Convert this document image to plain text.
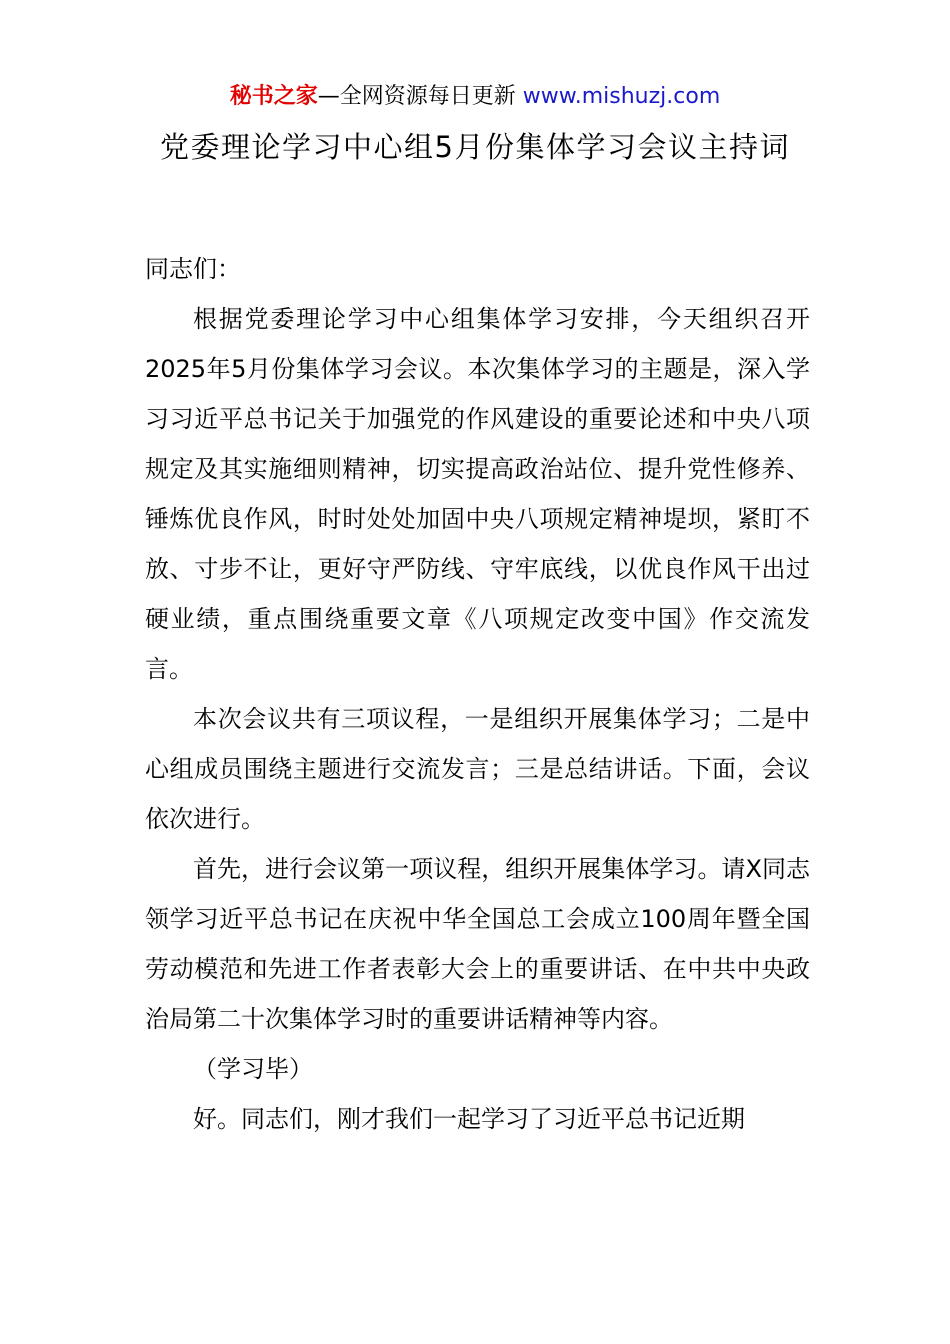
秘书之家—全网资源每日更新 www.mishuzj.com
党委理论学习中心组5月份集体学习会议主持词

同志们：

根据党委理论学习中心组集体学习安排，今天组织召开2025年5月份集体学习会议。本次集体学习的主题是，深入学习习近平总书记关于加强党的作风建设的重要论述和中央八项规定及其实施细则精神，切实提高政治站位、提升党性修养、锤炼优良作风，时时处处加固中央八项规定精神堤坝，紧盯不放、寸步不让，更好守严防线、守牢底线，以优良作风干出过硬业绩，重点围绕重要文章《八项规定改变中国》作交流发言。

本次会议共有三项议程，一是组织开展集体学习；二是中心组成员围绕主题进行交流发言；三是总结讲话。下面，会议依次进行。

首先，进行会议第一项议程，组织开展集体学习。请X同志领学习近平总书记在庆祝中华全国总工会成立100周年暨全国劳动模范和先进工作者表彰大会上的重要讲话、在中共中央政治局第二十次集体学习时的重要讲话精神等内容。

（学习毕）

好。同志们，刚才我们一起学习了习近平总书记近期
